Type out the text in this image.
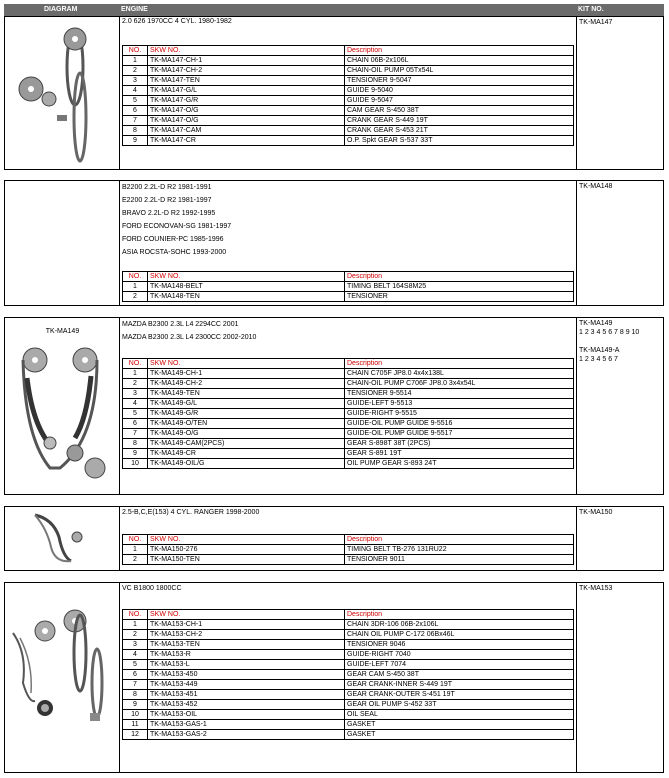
DIAGRAM	ENGINE	KIT NO.
2.0 626 1970CC 4 CYL. 1980-1982
NO.	SKW NO.	Description
1	TK-MA147-CH-1	CHAIN 06B-2x106L
2	TK-MA147-CH-2	CHAIN-OIL PUMP 05Tx54L
3	TK-MA147-TEN	TENSIONER 9-5047
4	TK-MA147-G/L	GUIDE 9-5040
5	TK-MA147-G/R	GUIDE 9-5047
6	TK-MA147-O/G	CAM GEAR S-450 38T
7	TK-MA147-O/G	CRANK GEAR S-449 19T
8	TK-MA147-CAM	CRANK GEAR S-453 21T
9	TK-MA147-CR	O.P. Spkt GEAR S-537 33T
TK-MA147
B2200 2.2L-D R2 1981-1991
E2200 2.2L-D R2 1981-1997
BRAVO 2.2L-D R2 1992-1995
FORD ECONOVAN-SG 1981-1997
FORD COUNIER-PC 1985-1996
ASIA ROCSTA-SOHC 1993-2000
NO.	SKW NO.	Description
1	TK-MA148-BELT	TIMING BELT 164S8M25
2	TK-MA148-TEN	TENSIONER
TK-MA148
TK-MA149
MAZDA B2300 2.3L L4 2294CC 2001
MAZDA B2300 2.3L L4 2300CC 2002-2010
NO.	SKW NO.	Description
1	TK-MA149-CH-1	CHAIN C705F JP8.0 4x4x138L
2	TK-MA149-CH-2	CHAIN-OIL PUMP C706F JP8.0 3x4x54L
3	TK-MA149-TEN	TENSIONER 9-5514
4	TK-MA149-G/L	GUIDE-LEFT 9-5513
5	TK-MA149-G/R	GUIDE-RIGHT 9-5515
6	TK-MA149-O/TEN	GUIDE-OIL PUMP GUIDE 9-5516
7	TK-MA149-O/G	GUIDE-OIL PUMP GUIDE 9-5517
8	TK-MA149-CAM(2PCS)	GEAR S-898T 38T (2PCS)
9	TK-MA149-CR	GEAR S-891 19T
10	TK-MA149-OIL/G	OIL PUMP GEAR S-893 24T
TK-MA149
1 2 3 4 5 6 7 8 9 10
TK-MA149-A
1 2 3 4 5 6 7
2.5-B,C,E(153) 4 CYL. RANGER 1998-2000
NO.	SKW NO.	Description
1	TK-MA150-276	TIMING BELT TB-276 131RU22
2	TK-MA150-TEN	TENSIONER 9011
TK-MA150
VC B1800 1800CC
NO.	SKW NO.	Description
1	TK-MA153-CH-1	CHAIN 3DR-106 06B-2x106L
2	TK-MA153-CH-2	CHAIN OIL PUMP C-172 06Bx46L
3	TK-MA153-TEN	TENSIONER 9046
4	TK-MA153-R	GUIDE-RIGHT 7040
5	TK-MA153-L	GUIDE-LEFT 7074
6	TK-MA153-450	GEAR CAM S-450 38T
7	TK-MA153-449	GEAR CRANK-INNER S-449 19T
8	TK-MA153-451	GEAR CRANK-OUTER S-451 19T
9	TK-MA153-452	GEAR OIL PUMP S-452 33T
10	TK-MA153-OIL	OIL SEAL
11	TK-MA153-GAS-1	GASKET
12	TK-MA153-GAS-2	GASKET
TK-MA153
